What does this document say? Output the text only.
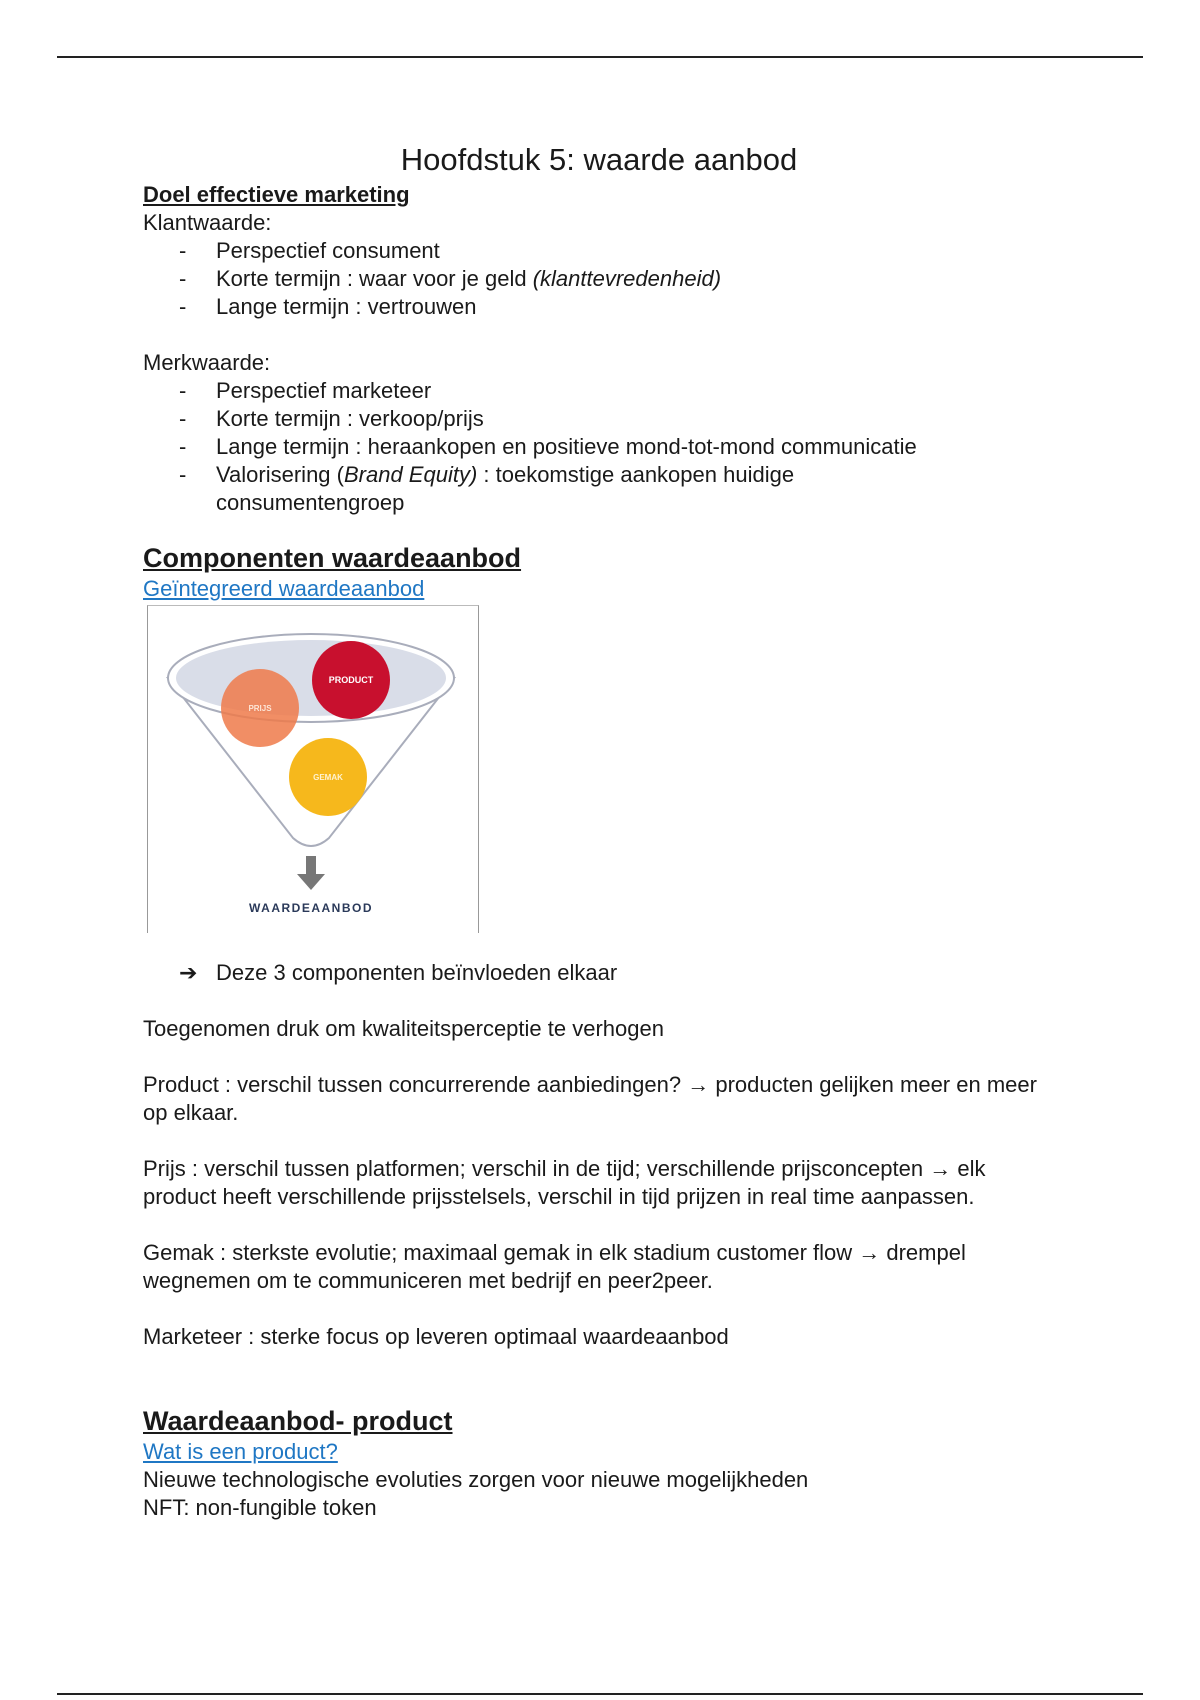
Hoofdstuk 5: waarde aanbod
Doel effectieve marketing
Klantwaarde:
- Perspectief consument
- Korte termijn : waar voor je geld (klanttevredenheid)
- Lange termijn : vertrouwen
Merkwaarde:
- Perspectief marketeer
- Korte termijn : verkoop/prijs
- Lange termijn : heraankopen en positieve mond-tot-mond communicatie
- Valorisering (Brand Equity) : toekomstige aankopen huidige consumentengroep
Componenten waardeaanbod
Geïntegreerd waardeaanbod
➔ Deze 3 componenten beïnvloeden elkaar
Toegenomen druk om kwaliteitsperceptie te verhogen
Product : verschil tussen concurrerende aanbiedingen? → producten gelijken meer en meer op elkaar.
Prijs : verschil tussen platformen; verschil in de tijd; verschillende prijsconcepten → elk product heeft verschillende prijsstelsels, verschil in tijd prijzen in real time aanpassen.
Gemak : sterkste evolutie; maximaal gemak in elk stadium customer flow → drempel wegnemen om te communiceren met bedrijf en peer2peer.
Marketeer : sterke focus op leveren optimaal waardeaanbod
Waardeaanbod- product
Wat is een product?
Nieuwe technologische evoluties zorgen voor nieuwe mogelijkheden
NFT: non-fungible token
PRODUCT
PRIJS
GEMAK
WAARDEAANBOD
